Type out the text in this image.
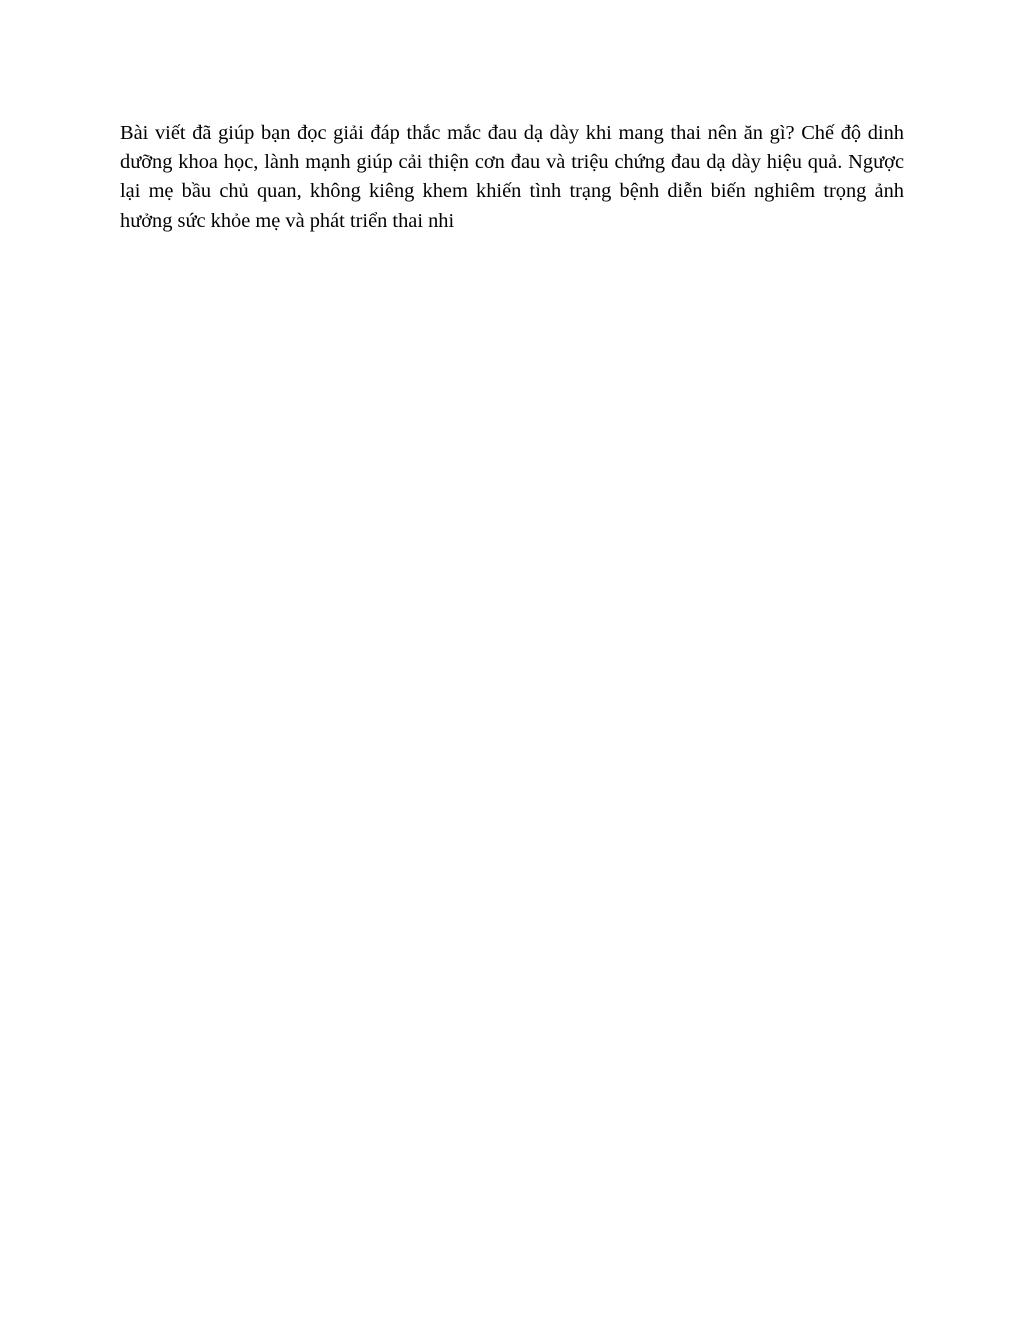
Bài viết đã giúp bạn đọc giải đáp thắc mắc đau dạ dày khi mang thai nên ăn gì? Chế độ dinh dưỡng khoa học, lành mạnh giúp cải thiện cơn đau và triệu chứng đau dạ dày hiệu quả. Ngược lại mẹ bầu chủ quan, không kiêng khem khiến tình trạng bệnh diễn biến nghiêm trọng ảnh hưởng sức khỏe mẹ và phát triển thai nhi
